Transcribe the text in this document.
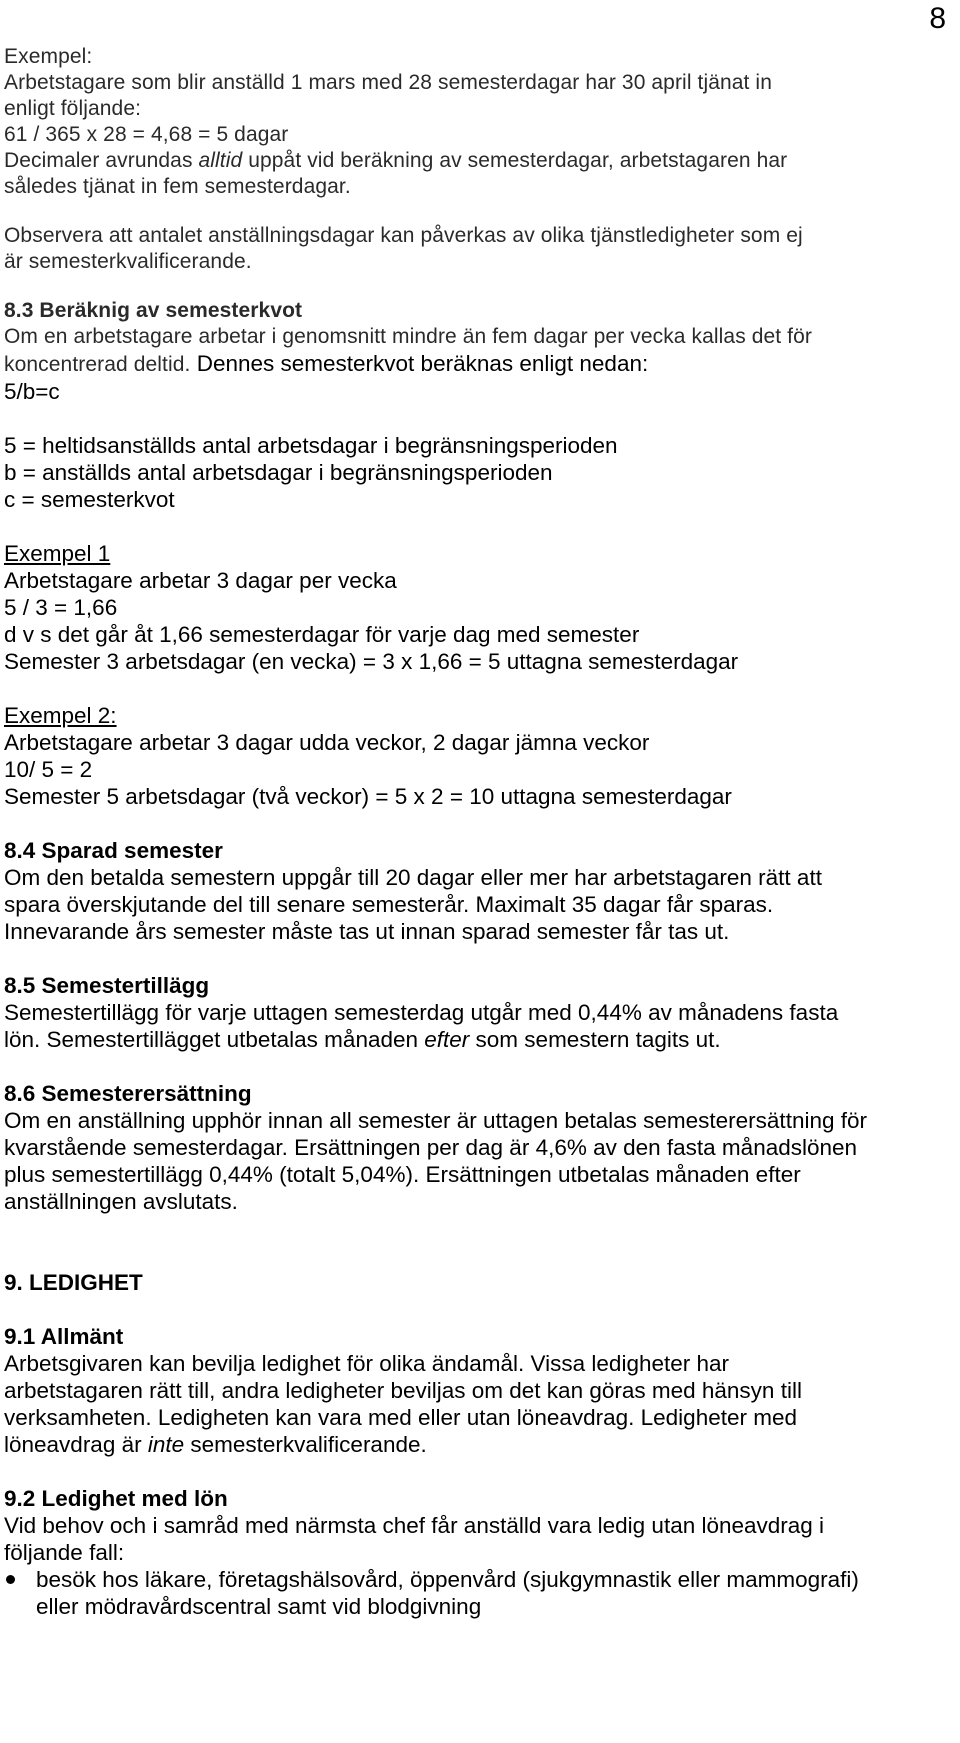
8

Exempel:

Arbetstagare som blir anställd 1 mars med 28 semesterdagar har 30 april tjänat in

enligt följande:

61 / 365 x 28 = 4,68 = 5 dagar

Decimaler avrundas alltid uppåt vid beräkning av semesterdagar, arbetstagaren har

således tjänat in fem semesterdagar.

Observera att antalet anställningsdagar kan påverkas av olika tjänstledigheter som ej

är semesterkvalificerande.

8.3 Beräknig av semesterkvot

Om en arbetstagare arbetar i genomsnitt mindre än fem dagar per vecka kallas det för

koncentrerad deltid. Dennes semesterkvot beräknas enligt nedan:

5/b=c

5 = heltidsanställds antal arbetsdagar i begränsningsperioden

b = anställds antal arbetsdagar i begränsningsperioden

c = semesterkvot

Exempel 1

Arbetstagare arbetar 3 dagar per vecka

5 / 3 = 1,66

d v s det går åt 1,66 semesterdagar för varje dag med semester

Semester 3 arbetsdagar (en vecka) = 3 x 1,66 = 5 uttagna semesterdagar

Exempel 2:

Arbetstagare arbetar 3 dagar udda veckor, 2 dagar jämna veckor

10/ 5 = 2

Semester 5 arbetsdagar (två veckor) = 5 x 2 = 10 uttagna semesterdagar

8.4 Sparad semester

Om den betalda semestern uppgår till 20 dagar eller mer har arbetstagaren rätt att

spara överskjutande del till senare semesterår. Maximalt 35 dagar får sparas.

Innevarande års semester måste tas ut innan sparad semester får tas ut.

8.5 Semestertillägg

Semestertillägg för varje uttagen semesterdag utgår med 0,44% av månadens fasta

lön. Semestertillägget utbetalas månaden efter som semestern tagits ut.

8.6 Semesterersättning

Om en anställning upphör innan all semester är uttagen betalas semesterersättning för

kvarstående semesterdagar. Ersättningen per dag är 4,6% av den fasta månadslönen

plus semestertillägg 0,44% (totalt 5,04%). Ersättningen utbetalas månaden efter

anställningen avslutats.

9. LEDIGHET

9.1 Allmänt

Arbetsgivaren kan bevilja ledighet för olika ändamål. Vissa ledigheter har

arbetstagaren rätt till, andra ledigheter beviljas om det kan göras med hänsyn till

verksamheten. Ledigheten kan vara med eller utan löneavdrag. Ledigheter med

löneavdrag är inte semesterkvalificerande.

9.2 Ledighet med lön

Vid behov och i samråd med närmsta chef får anställd vara ledig utan löneavdrag i

följande fall:

besök hos läkare, företagshälsovård, öppenvård (sjukgymnastik eller mammografi)
eller mödravårdscentral samt vid blodgivning
